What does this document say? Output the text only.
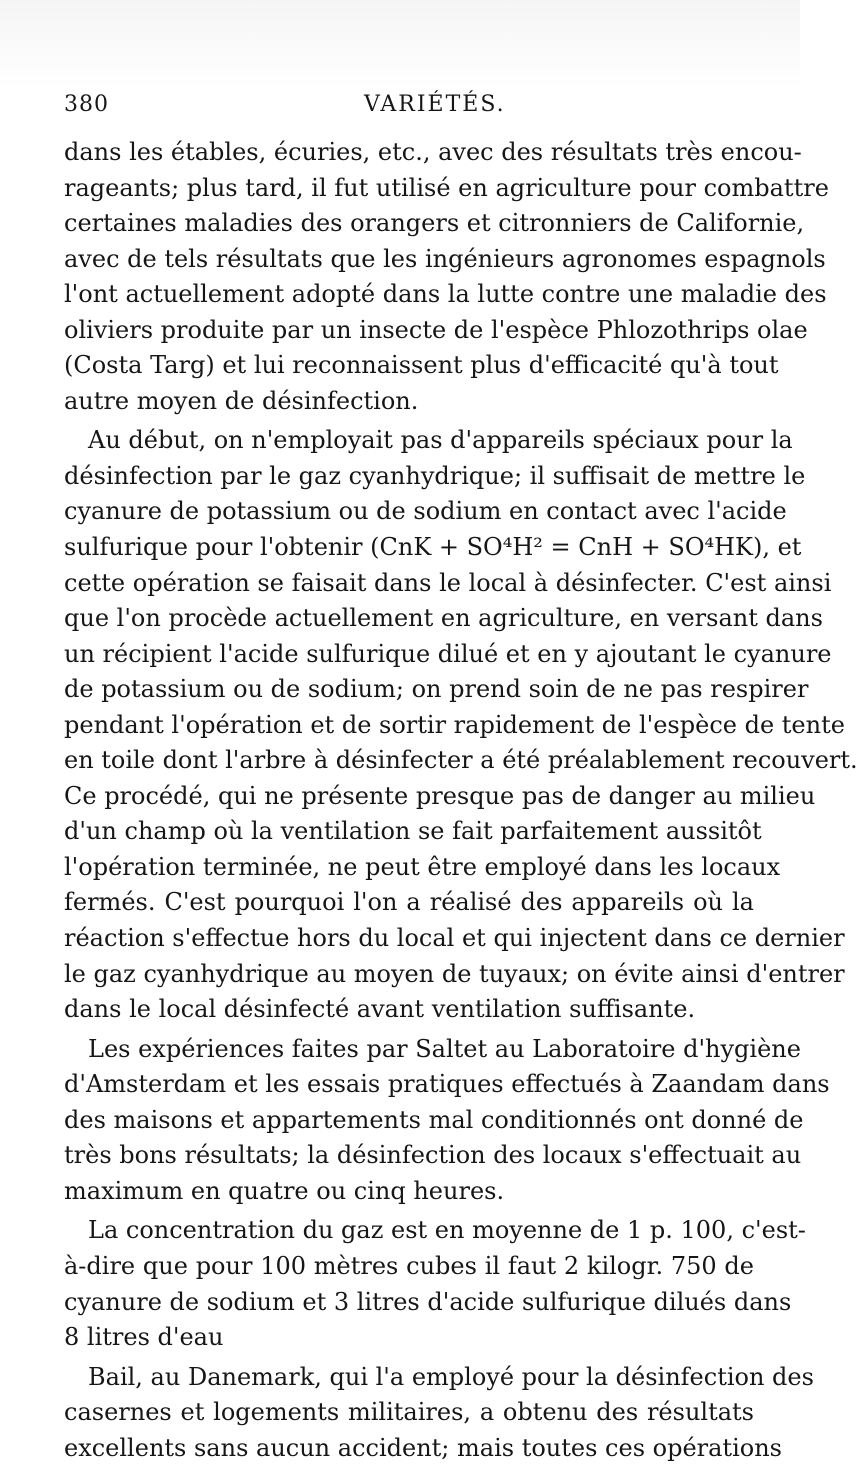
380	VARIÉTÉS.
dans les étables, écuries, etc., avec des résultats très encou-
rageants; plus tard, il fut utilisé en agriculture pour combattre
certaines maladies des orangers et citronniers de Californie,
avec de tels résultats que les ingénieurs agronomes espagnols
l'ont actuellement adopté dans la lutte contre une maladie des
oliviers produite par un insecte de l'espèce Phlozothrips olae
(Costa Targ) et lui reconnaissent plus d'efficacité qu'à tout
autre moyen de désinfection.
Au début, on n'employait pas d'appareils spéciaux pour la
désinfection par le gaz cyanhydrique; il suffisait de mettre le
cyanure de potassium ou de sodium en contact avec l'acide
sulfurique pour l'obtenir (CnK + SO⁴H² = CnH + SO⁴HK), et
cette opération se faisait dans le local à désinfecter. C'est ainsi
que l'on procède actuellement en agriculture, en versant dans
un récipient l'acide sulfurique dilué et en y ajoutant le cyanure
de potassium ou de sodium; on prend soin de ne pas respirer
pendant l'opération et de sortir rapidement de l'espèce de tente
en toile dont l'arbre à désinfecter a été préalablement recouvert.
Ce procédé, qui ne présente presque pas de danger au milieu
d'un champ où la ventilation se fait parfaitement aussitôt
l'opération terminée, ne peut être employé dans les locaux
fermés. C'est pourquoi l'on a réalisé des appareils où la
réaction s'effectue hors du local et qui injectent dans ce dernier
le gaz cyanhydrique au moyen de tuyaux; on évite ainsi d'entrer
dans le local désinfecté avant ventilation suffisante.
Les expériences faites par Saltet au Laboratoire d'hygiène
d'Amsterdam et les essais pratiques effectués à Zaandam dans
des maisons et appartements mal conditionnés ont donné de
très bons résultats; la désinfection des locaux s'effectuait au
maximum en quatre ou cinq heures.
La concentration du gaz est en moyenne de 1 p. 100, c'est-
à-dire que pour 100 mètres cubes il faut 2 kilogr. 750 de
cyanure de sodium et 3 litres d'acide sulfurique dilués dans
8 litres d'eau
Bail, au Danemark, qui l'a employé pour la désinfection des
casernes et logements militaires, a obtenu des résultats
excellents sans aucun accident; mais toutes ces opérations
